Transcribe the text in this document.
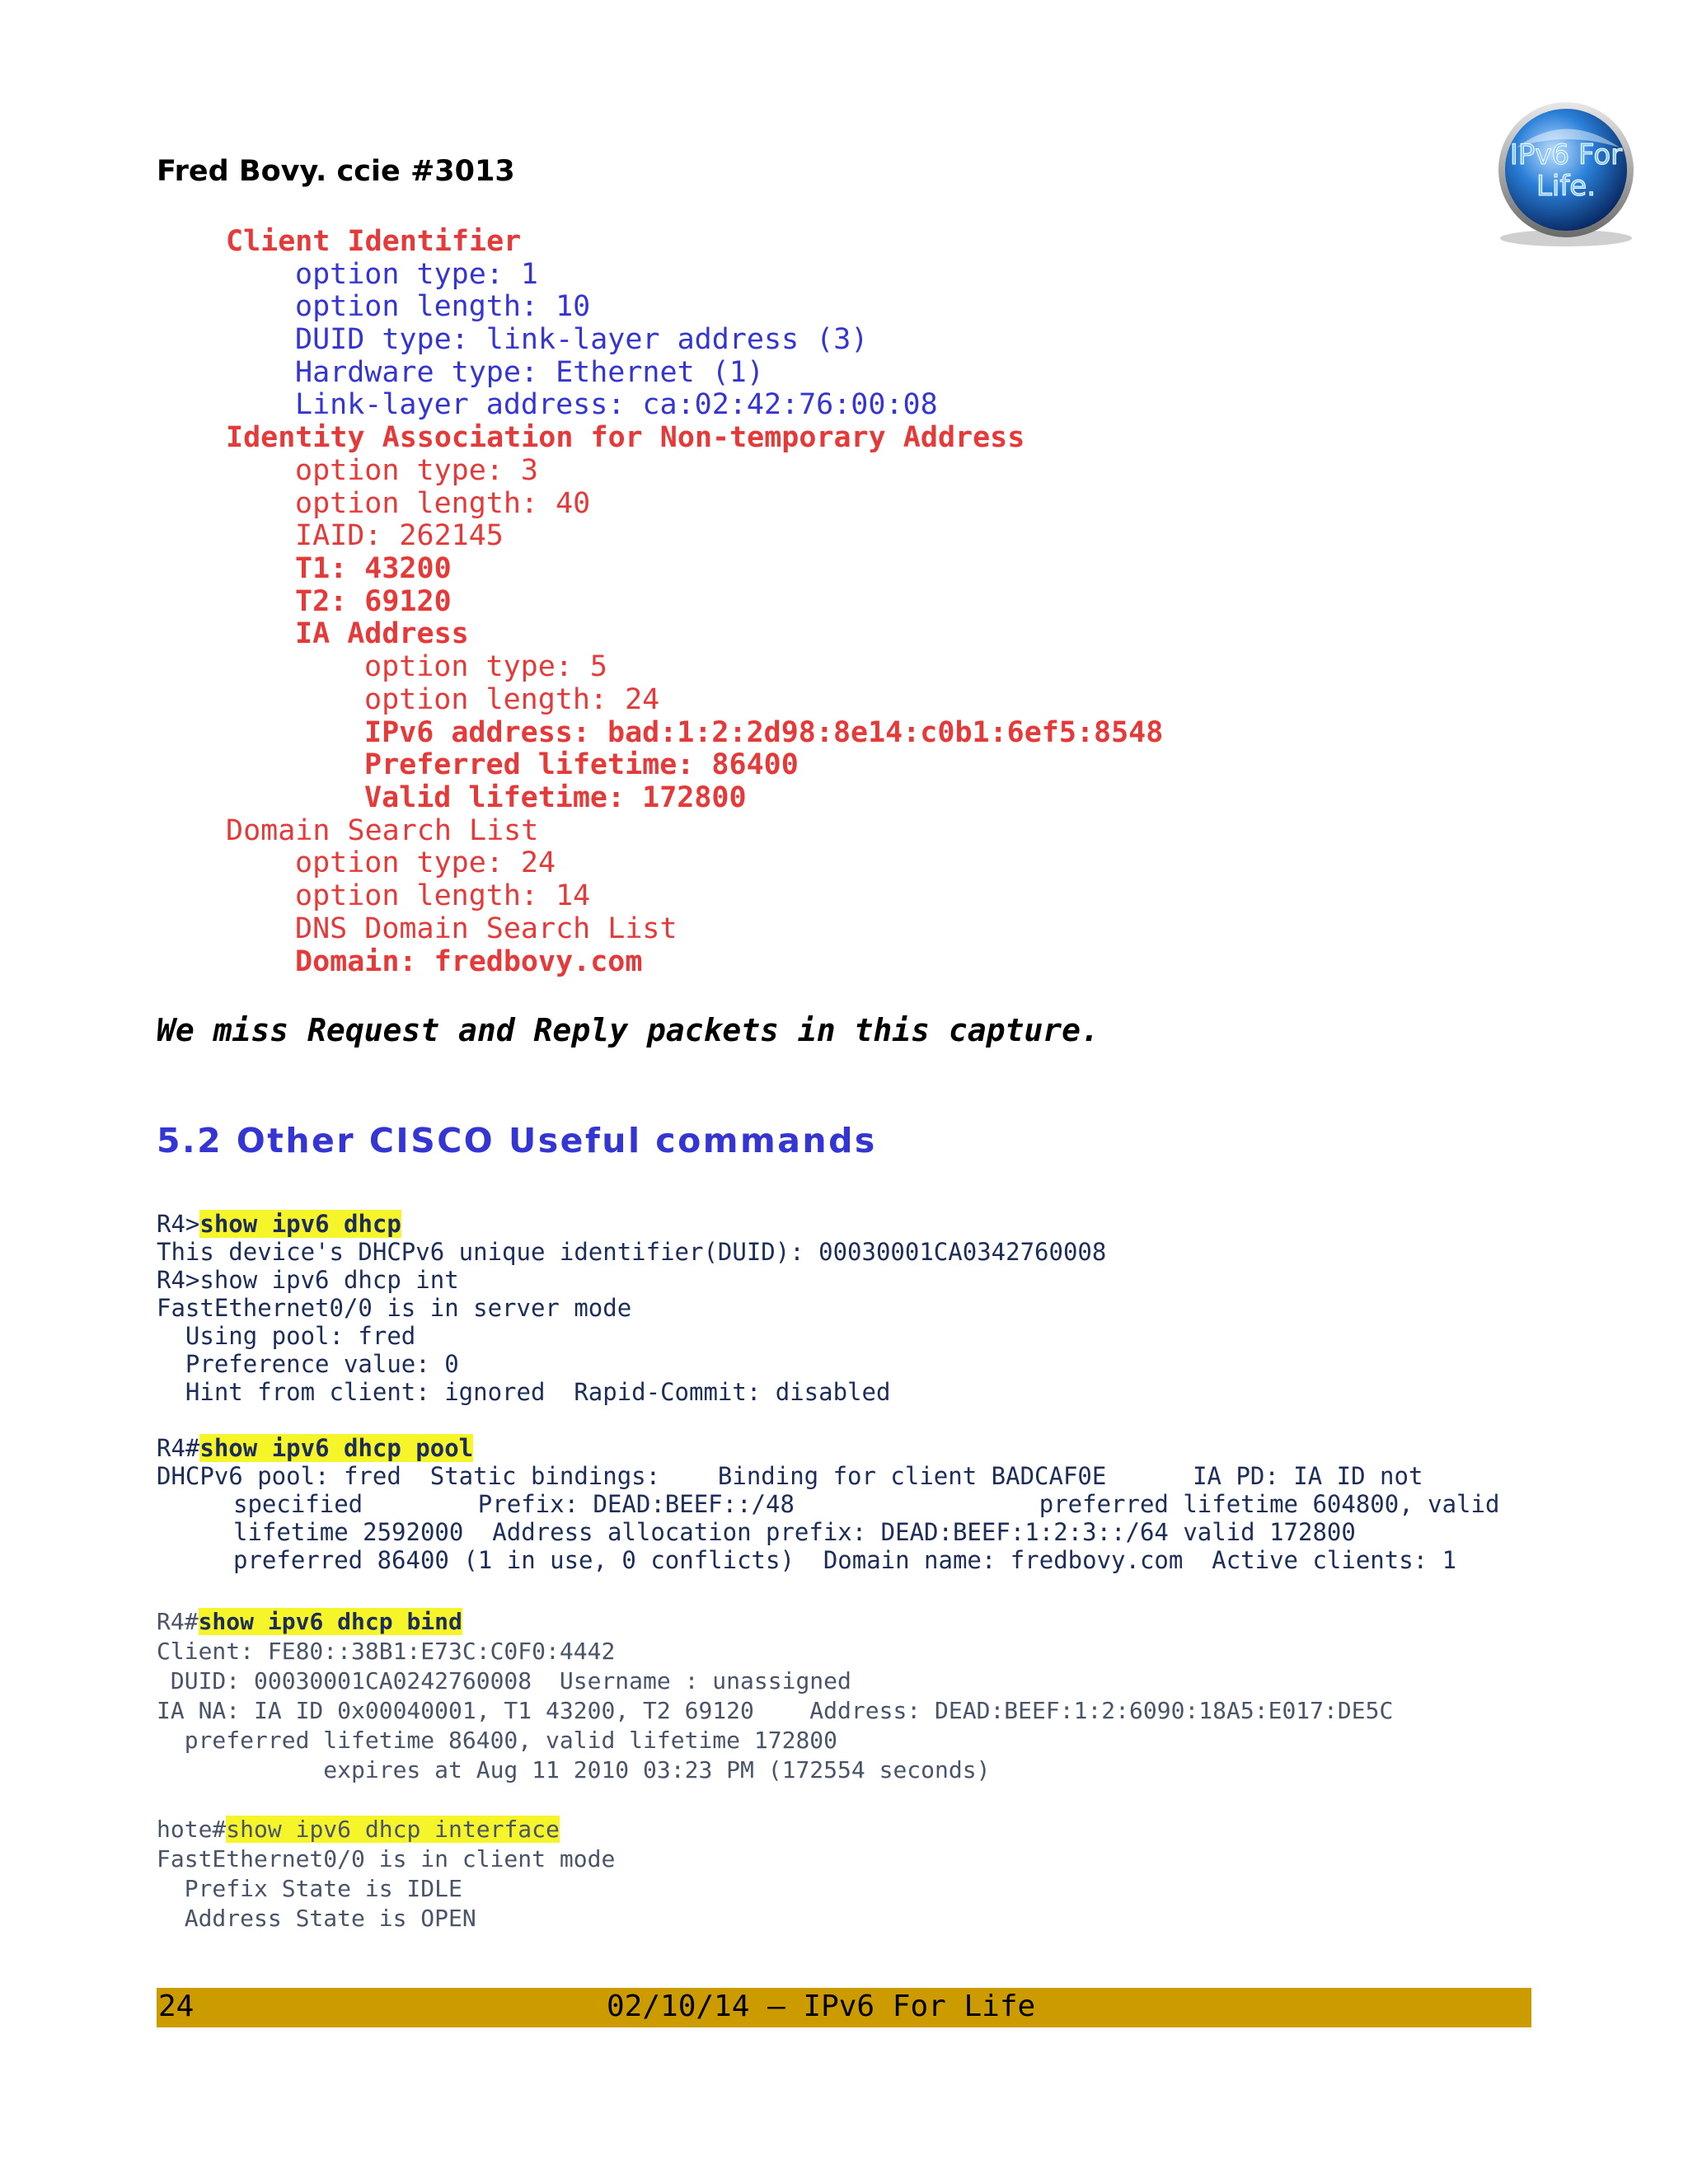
Fred Bovy. ccie #3013

	IPv6 For
Life.

Client Identifier
option type: 1
option length: 10
DUID type: link-layer address (3)
Hardware type: Ethernet (1)
Link-layer address: ca:02:42:76:00:08
Identity Association for Non-temporary Address
option type: 3
option length: 40
IAID: 262145
T1: 43200
T2: 69120
IA Address
option type: 5
option length: 24
IPv6 address: bad:1:2:2d98:8e14:c0b1:6ef5:8548
Preferred lifetime: 86400
Valid lifetime: 172800
Domain Search List
option type: 24
option length: 14
DNS Domain Search List
Domain: fredbovy.com
We miss Request and Reply packets in this capture.
5.2 Other CISCO Useful commands
R4>show ipv6 dhcp
This device's DHCPv6 unique identifier(DUID): 00030001CA0342760008
R4>show ipv6 dhcp int
FastEthernet0/0 is in server mode
Using pool: fred
Preference value: 0
Hint from client: ignored  Rapid-Commit: disabled
R4#show ipv6 dhcp pool
DHCPv6 pool: fred  Static bindings:    Binding for client BADCAF0E      IA PD: IA ID not
specified        Prefix: DEAD:BEEF::/48                 preferred lifetime 604800, valid
lifetime 2592000  Address allocation prefix: DEAD:BEEF:1:2:3::/64 valid 172800
preferred 86400 (1 in use, 0 conflicts)  Domain name: fredbovy.com  Active clients: 1
R4#show ipv6 dhcp bind
Client: FE80::38B1:E73C:C0F0:4442
DUID: 00030001CA0242760008  Username : unassigned
IA NA: IA ID 0x00040001, T1 43200, T2 69120    Address: DEAD:BEEF:1:2:6090:18A5:E017:DE5C
preferred lifetime 86400, valid lifetime 172800
expires at Aug 11 2010 03:23 PM (172554 seconds)
hote#show ipv6 dhcp interface
FastEthernet0/0 is in client mode
Prefix State is IDLE
Address State is OPEN

24

	02/10/14 – IPv6 For Life
